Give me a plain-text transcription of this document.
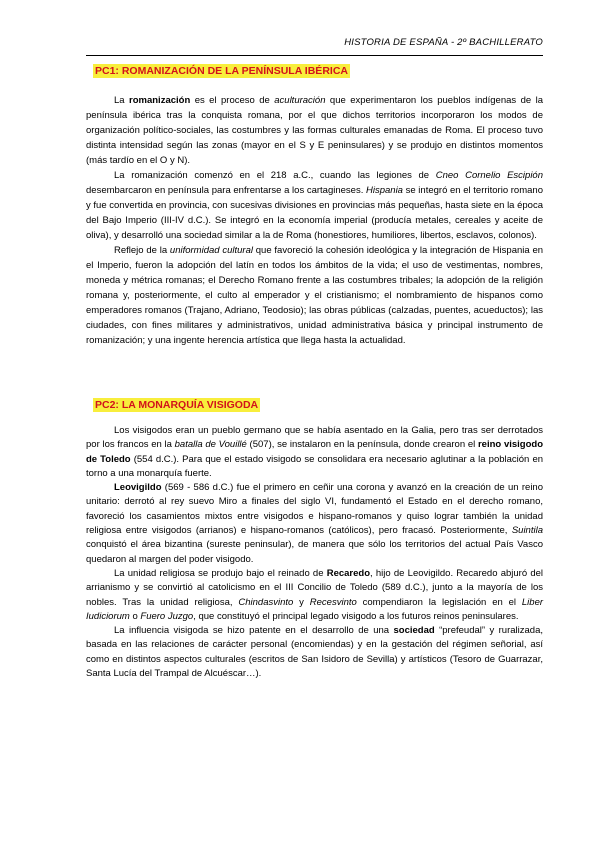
HISTORIA DE ESPAÑA - 2º BACHILLERATO

PC1: ROMANIZACIÓN DE LA PENÍNSULA IBÉRICA

La romanización es el proceso de aculturación que experimentaron los pueblos indígenas de la península ibérica tras la conquista romana, por el que dichos territorios incorporaron los modos de organización político-sociales, las costumbres y las formas culturales emanadas de Roma. El proceso tuvo distinta intensidad según las zonas (mayor en el S y E peninsulares) y se produjo en distintos momentos (más tardío en el O y N).

La romanización comenzó en el 218 a.C., cuando las legiones de Cneo Cornelio Escipión desembarcaron en península para enfrentarse a los cartagineses. Hispania se integró en el territorio romano y fue convertida en provincia, con sucesivas divisiones en provincias más pequeñas, hasta siete en la época del Bajo Imperio (III-IV d.C.). Se integró en la economía imperial (producía metales, cereales y aceite de oliva), y desarrolló una sociedad similar a la de Roma (honestiores, humiliores, libertos, esclavos, colonos).

Reflejo de la uniformidad cultural que favoreció la cohesión ideológica y la integración de Hispania en el Imperio, fueron la adopción del latín en todos los ámbitos de la vida; el uso de vestimentas, nombres, moneda y métrica romanas; el Derecho Romano frente a las costumbres tribales; la adopción de la religión romana y, posteriormente, el culto al emperador y el cristianismo; el nombramiento de hispanos como emperadores romanos (Trajano, Adriano, Teodosio); las obras públicas (calzadas, puentes, acueductos); las ciudades, con fines militares y administrativos, unidad administrativa básica y principal instrumento de romanización; y una ingente herencia artística que llega hasta la actualidad.

PC2: LA MONARQUÍA VISIGODA

Los visigodos eran un pueblo germano que se había asentado en la Galia, pero tras ser derrotados por los francos en la batalla de Vouillé (507), se instalaron en la península, donde crearon el reino visigodo de Toledo (554 d.C.). Para que el estado visigodo se consolidara era necesario aglutinar a la población en torno a una monarquía fuerte.

Leovigildo (569 - 586 d.C.) fue el primero en ceñir una corona y avanzó en la creación de un reino unitario: derrotó al rey suevo Miro a finales del siglo VI, fundamentó el Estado en el derecho romano, favoreció los casamientos mixtos entre visigodos e hispano-romanos y quiso lograr también la unidad religiosa entre visigodos (arrianos) e hispano-romanos (católicos), pero fracasó. Posteriormente, Suintila conquistó el área bizantina (sureste peninsular), de manera que sólo los territorios del actual País Vasco quedaron al margen del poder visigodo.

La unidad religiosa se produjo bajo el reinado de Recaredo, hijo de Leovigildo. Recaredo abjuró del arrianismo y se convirtió al catolicismo en el III Concilio de Toledo (589 d.C.), junto a la mayoría de los nobles. Tras la unidad religiosa, Chindasvinto y Recesvinto compendiaron la legislación en el Liber Iudiciorum o Fuero Juzgo, que constituyó el principal legado visigodo a los futuros reinos peninsulares.

La influencia visigoda se hizo patente en el desarrollo de una sociedad “prefeudal” y ruralizada, basada en las relaciones de carácter personal (encomiendas) y en la gestación del régimen señorial, así como en distintos aspectos culturales (escritos de San Isidoro de Sevilla) y artísticos (Tesoro de Guarrazar, Santa Lucía del Trampal de Alcuéscar…).
